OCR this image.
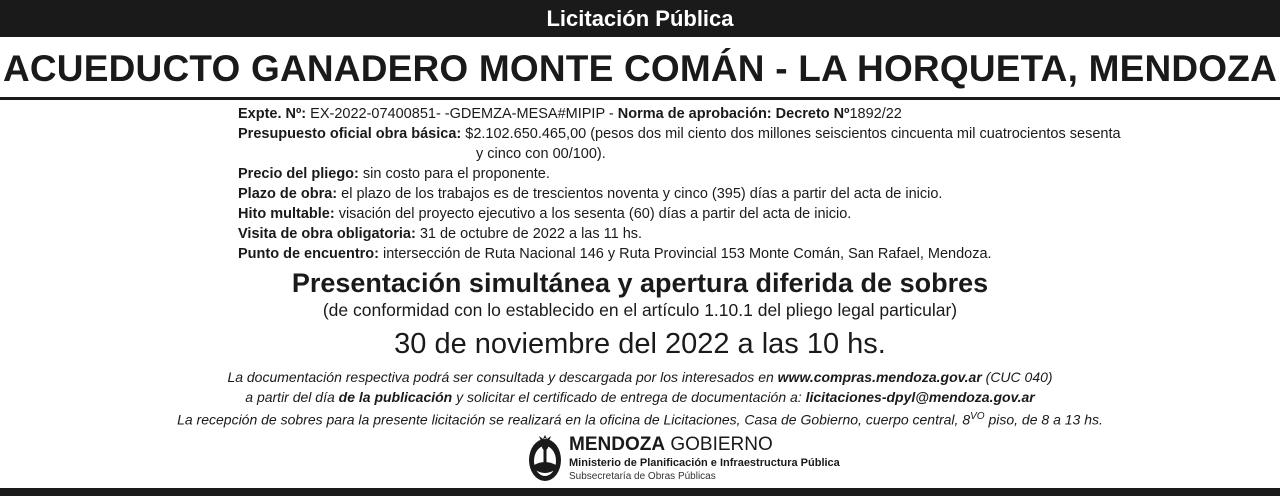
Licitación Pública
ACUEDUCTO GANADERO MONTE COMÁN - LA HORQUETA, MENDOZA
Expte. Nº: EX-2022-07400851- -GDEMZA-MESA#MIPIP - Norma de aprobación: Decreto Nº1892/22
Presupuesto oficial obra básica: $2.102.650.465,00 (pesos dos mil ciento dos millones seiscientos cincuenta mil cuatrocientos sesenta
y cinco con 00/100).
Precio del pliego: sin costo para el proponente.
Plazo de obra: el plazo de los trabajos es de trescientos noventa y cinco (395) días a partir del acta de inicio.
Hito multable: visación del proyecto ejecutivo a los sesenta (60) días a partir del acta de inicio.
Visita de obra obligatoria: 31 de octubre de 2022 a las 11 hs.
Punto de encuentro: intersección de Ruta Nacional 146 y Ruta Provincial 153 Monte Comán, San Rafael, Mendoza.
Presentación simultánea y apertura diferida de sobres
(de conformidad con lo establecido en el artículo 1.10.1 del pliego legal particular)
30 de noviembre del 2022 a las 10 hs.
La documentación respectiva podrá ser consultada y descargada por los interesados en www.compras.mendoza.gov.ar (CUC 040)
a partir del día de la publicación y solicitar el certificado de entrega de documentación a: licitaciones-dpyl@mendoza.gov.ar
La recepción de sobres para la presente licitación se realizará en la oficina de Licitaciones, Casa de Gobierno, cuerpo central, $8^{VO}$ piso, de 8 a 13 hs.
MENDOZA GOBIERNO
Ministerio de Planificación e Infraestructura Pública
Subsecretaría de Obras Públicas
